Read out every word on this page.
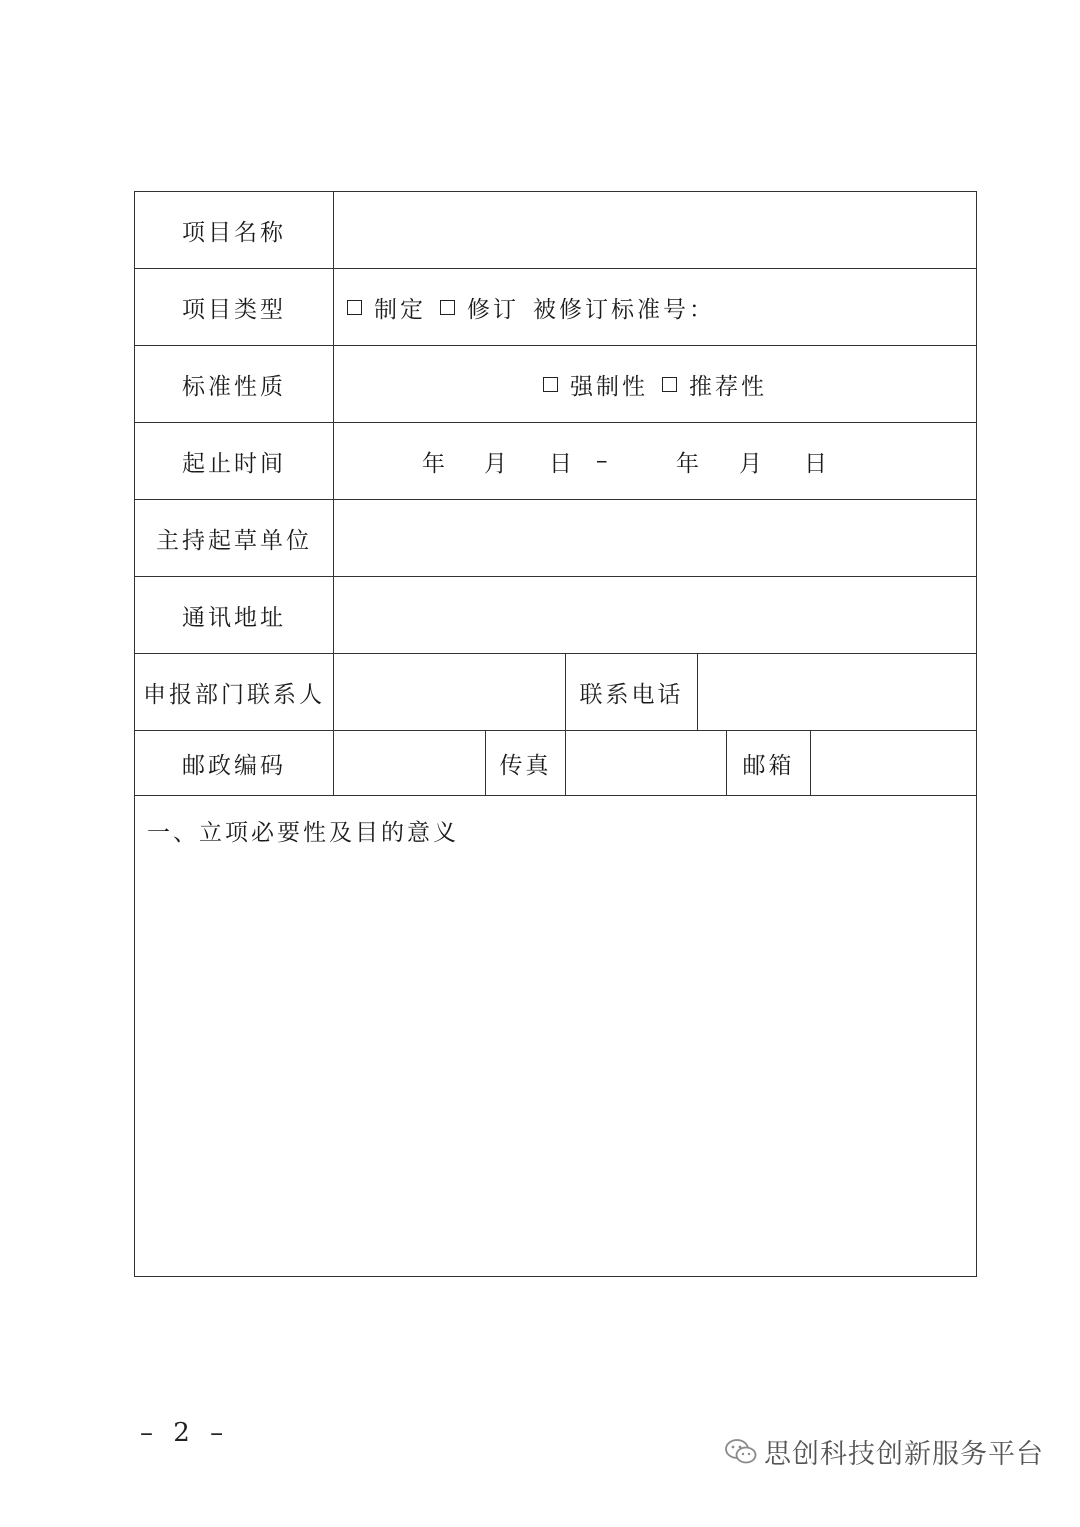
项目名称
项目类型	制定 修订 被修订标准号：
标准性质	强制性 推荐性
起止时间	年 月 日 –	年 月 日
主持起草单位
通讯地址
申报部门联系人	联系电话
邮政编码	传真	邮箱
一、立项必要性及目的意义
– 2 –
思创科技创新服务平台
